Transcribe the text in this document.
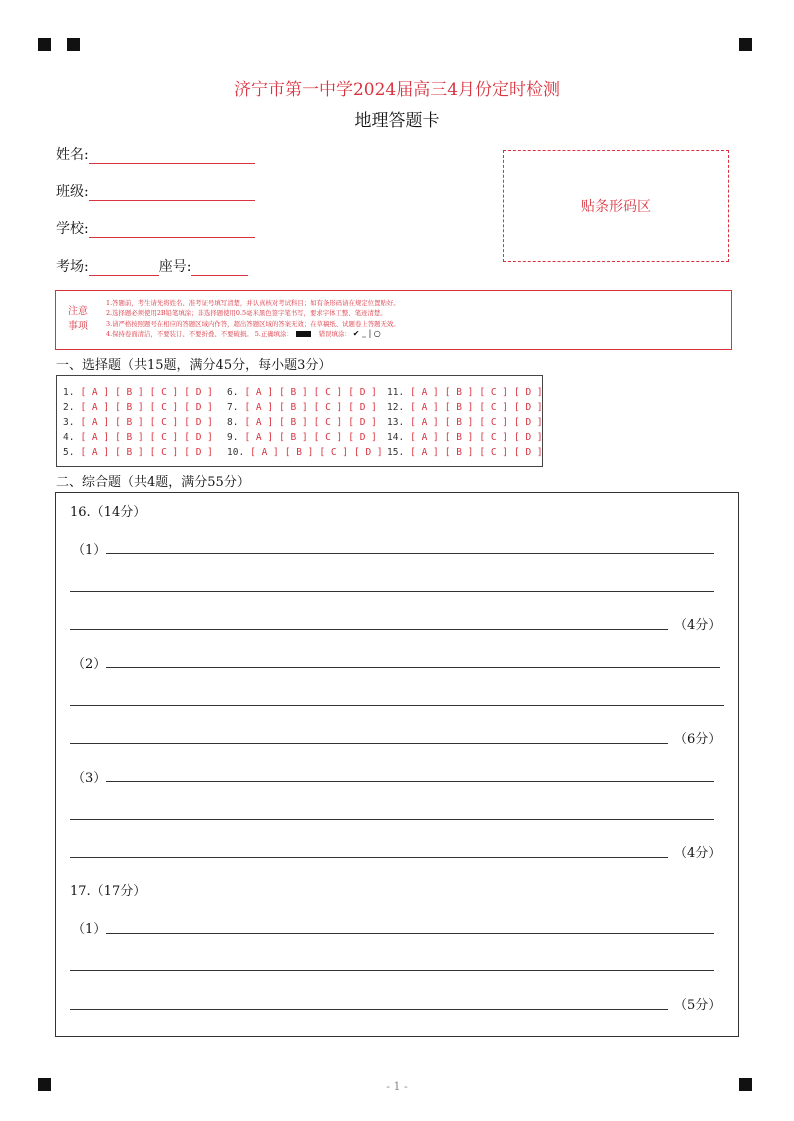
济宁市第一中学2024届高三4月份定时检测
地理答题卡
姓名:
班级:
学校:
考场:	座号:
贴条形码区
注意
事项
1.答题前，考生请先将姓名、准考证号填写清楚，并认真核对考试科目；如有条形码请在规定位置贴好。
2.选择题必须使用2B铅笔填涂；非选择题使用0.5毫米黑色签字笔书写，要求字体工整、笔迹清楚。
3.请严格按照题号在相应的答题区域内作答，超出答题区域的答案无效；在草稿纸、试题卷上答题无效。
4.保持卷面清洁，不要装订、不要折叠、不要破损。 5.正确填涂：	错误填涂： ✔ ‗ | ○
一、选择题（共15题，满分45分，每小题3分）
1. [ A ] [ B ] [ C ] [ D ]
2. [ A ] [ B ] [ C ] [ D ]
3. [ A ] [ B ] [ C ] [ D ]
4. [ A ] [ B ] [ C ] [ D ]
5. [ A ] [ B ] [ C ] [ D ]
6. [ A ] [ B ] [ C ] [ D ]
7. [ A ] [ B ] [ C ] [ D ]
8. [ A ] [ B ] [ C ] [ D ]
9. [ A ] [ B ] [ C ] [ D ]
10. [ A ] [ B ] [ C ] [ D ]
11. [ A ] [ B ] [ C ] [ D ]
12. [ A ] [ B ] [ C ] [ D ]
13. [ A ] [ B ] [ C ] [ D ]
14. [ A ] [ B ] [ C ] [ D ]
15. [ A ] [ B ] [ C ] [ D ]
二、综合题（共4题，满分55分）
16.（14分）
（1）
（4分）
（2）
（6分）
（3）
（4分）
17.（17分）
（1）
（5分）
- 1 -
